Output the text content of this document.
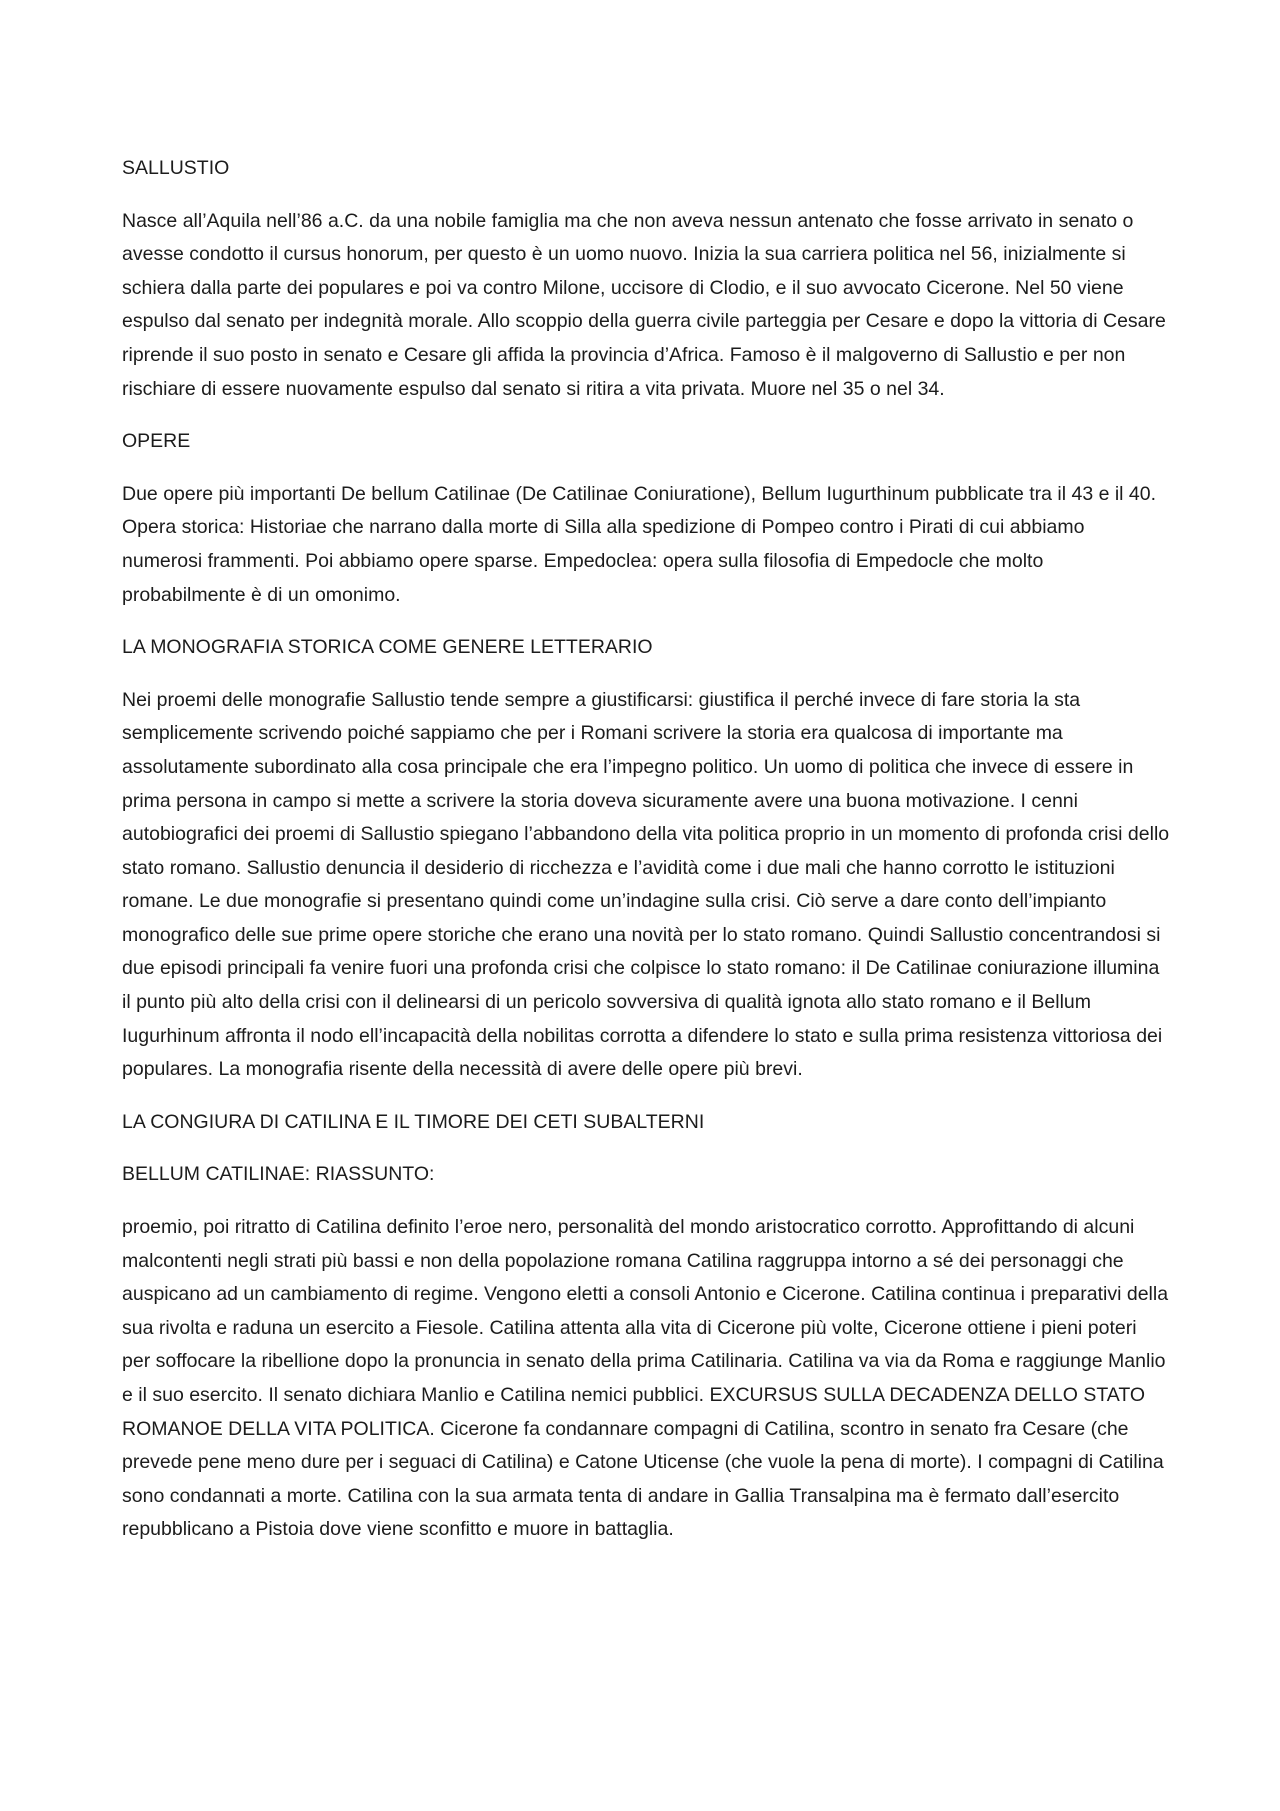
SALLUSTIO

Nasce all’Aquila nell’86 a.C. da una nobile famiglia ma che non aveva nessun antenato che fosse arrivato in senato o avesse condotto il cursus honorum, per questo è un uomo nuovo. Inizia la sua carriera politica nel 56, inizialmente si schiera dalla parte dei populares e poi va contro Milone, uccisore di Clodio, e il suo avvocato Cicerone. Nel 50 viene espulso dal senato per indegnità morale. Allo scoppio della guerra civile parteggia per Cesare e dopo la vittoria di Cesare riprende il suo posto in senato e Cesare gli affida la provincia d’Africa. Famoso è il malgoverno di Sallustio e per non rischiare di essere nuovamente espulso dal senato si ritira a vita privata. Muore nel 35 o nel 34.

OPERE

Due opere più importanti De bellum Catilinae (De Catilinae Coniuratione), Bellum Iugurthinum pubblicate tra il 43 e il 40. Opera storica: Historiae che narrano dalla morte di Silla alla spedizione di Pompeo contro i Pirati di cui abbiamo numerosi frammenti. Poi abbiamo opere sparse. Empedoclea: opera sulla filosofia di Empedocle che molto probabilmente è di un omonimo.

LA MONOGRAFIA STORICA COME GENERE LETTERARIO

Nei proemi delle monografie Sallustio tende sempre a giustificarsi: giustifica il perché invece di fare storia la sta semplicemente scrivendo poiché sappiamo che per i Romani scrivere la storia era qualcosa di importante ma assolutamente subordinato alla cosa principale che era l’impegno politico. Un uomo di politica che invece di essere in prima persona in campo si mette a scrivere la storia doveva sicuramente avere una buona motivazione. I cenni autobiografici dei proemi di Sallustio spiegano l’abbandono della vita politica proprio in un momento di profonda crisi dello stato romano. Sallustio denuncia il desiderio di ricchezza e l’avidità come i due mali che hanno corrotto le istituzioni romane. Le due monografie si presentano quindi come un’indagine sulla crisi. Ciò serve a dare conto dell’impianto monografico delle sue prime opere storiche che erano una novità per lo stato romano. Quindi Sallustio concentrandosi si due episodi principali fa venire fuori una profonda crisi che colpisce lo stato romano: il De Catilinae coniurazione illumina il punto più alto della crisi con il delinearsi di un pericolo sovversiva di qualità ignota allo stato romano e il Bellum Iugurhinum affronta il nodo ell’incapacità della nobilitas corrotta a difendere lo stato e sulla prima resistenza vittoriosa dei populares. La monografia risente della necessità di avere delle opere più brevi.

LA CONGIURA DI CATILINA E IL TIMORE DEI CETI SUBALTERNI
BELLUM CATILINAE: RIASSUNTO:

proemio, poi ritratto di Catilina definito l’eroe nero, personalità del mondo aristocratico corrotto. Approfittando di alcuni malcontenti negli strati più bassi e non della popolazione romana Catilina raggruppa intorno a sé dei personaggi che auspicano ad un cambiamento di regime. Vengono eletti a consoli Antonio e Cicerone. Catilina continua i preparativi della sua rivolta e raduna un esercito a Fiesole. Catilina attenta alla vita di Cicerone più volte, Cicerone ottiene i pieni poteri per soffocare la ribellione dopo la pronuncia in senato della prima Catilinaria. Catilina va via da Roma e raggiunge Manlio e il suo esercito. Il senato dichiara Manlio e Catilina nemici pubblici. EXCURSUS SULLA DECADENZA DELLO STATO ROMANOE DELLA VITA POLITICA. Cicerone fa condannare compagni di Catilina, scontro in senato fra Cesare (che prevede pene meno dure per i seguaci di Catilina) e Catone Uticense (che vuole la pena di morte). I compagni di Catilina sono condannati a morte. Catilina con la sua armata tenta di andare in Gallia Transalpina ma è fermato dall’esercito repubblicano a Pistoia dove viene sconfitto e muore in battaglia.
